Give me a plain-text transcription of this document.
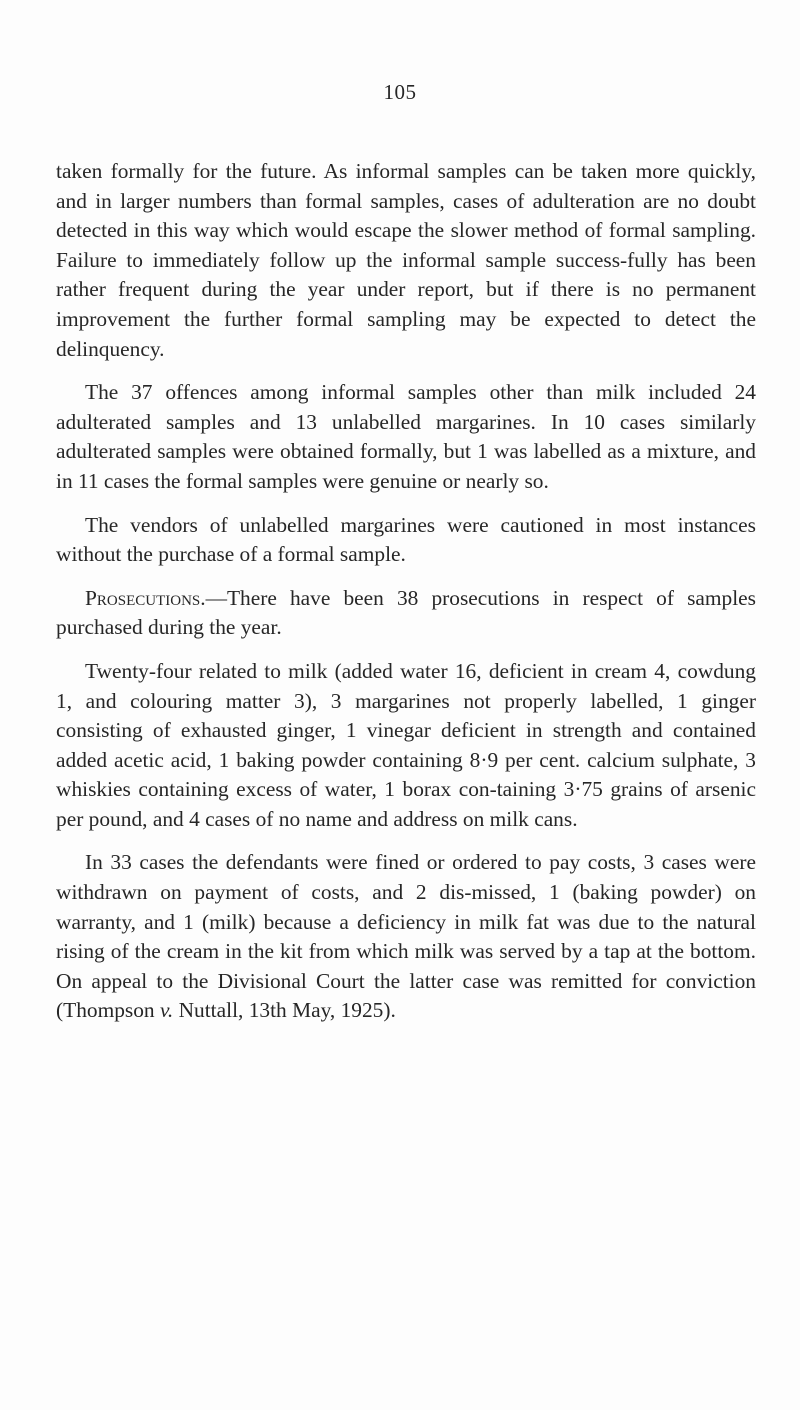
105

taken formally for the future. As informal samples can be taken more quickly, and in larger numbers than formal samples, cases of adulteration are no doubt detected in this way which would escape the slower method of formal sampling. Failure to immediately follow up the informal sample success-fully has been rather frequent during the year under report, but if there is no permanent improvement the further formal sampling may be expected to detect the delinquency.

The 37 offences among informal samples other than milk included 24 adulterated samples and 13 unlabelled margarines. In 10 cases similarly adulterated samples were obtained formally, but 1 was labelled as a mixture, and in 11 cases the formal samples were genuine or nearly so.

The vendors of unlabelled margarines were cautioned in most instances without the purchase of a formal sample.

Prosecutions.—There have been 38 prosecutions in respect of samples purchased during the year.

Twenty-four related to milk (added water 16, deficient in cream 4, cowdung 1, and colouring matter 3), 3 margarines not properly labelled, 1 ginger consisting of exhausted ginger, 1 vinegar deficient in strength and contained added acetic acid, 1 baking powder containing 8·9 per cent. calcium sulphate, 3 whiskies containing excess of water, 1 borax con-taining 3·75 grains of arsenic per pound, and 4 cases of no name and address on milk cans.

In 33 cases the defendants were fined or ordered to pay costs, 3 cases were withdrawn on payment of costs, and 2 dis-missed, 1 (baking powder) on warranty, and 1 (milk) because a deficiency in milk fat was due to the natural rising of the cream in the kit from which milk was served by a tap at the bottom. On appeal to the Divisional Court the latter case was remitted for conviction (Thompson v. Nuttall, 13th May, 1925).
